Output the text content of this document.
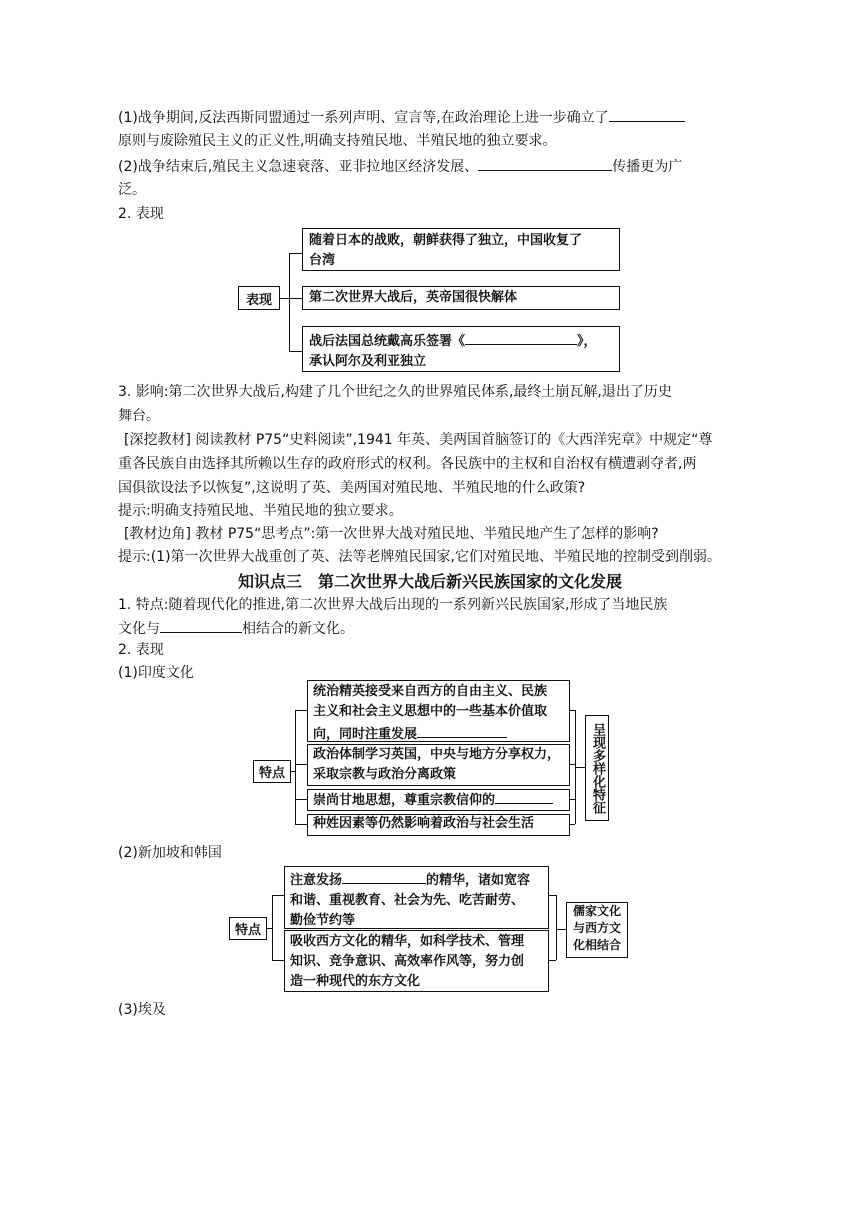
(1)战争期间,反法西斯同盟通过一系列声明、宣言等,在政治理论上进一步确立了
原则与废除殖民主义的正义性,明确支持殖民地、半殖民地的独立要求。
(2)战争结束后,殖民主义急速衰落、亚非拉地区经济发展、	传播更为广
泛。
2. 表现
表现
随着日本的战败，朝鲜获得了独立，中国收复了
台湾
第二次世界大战后，英帝国很快解体
战后法国总统戴高乐签署《	》，
承认阿尔及利亚独立
3. 影响:第二次世界大战后,构建了几个世纪之久的世界殖民体系,最终土崩瓦解,退出了历史
舞台。
[深挖教材] 阅读教材 P75“史料阅读”,1941 年英、美两国首脑签订的《大西洋宪章》中规定“尊
重各民族自由选择其所赖以生存的政府形式的权利。各民族中的主权和自治权有横遭剥夺者,两
国俱欲设法予以恢复”,这说明了英、美两国对殖民地、半殖民地的什么政策?
提示:明确支持殖民地、半殖民地的独立要求。
[教材边角] 教材 P75“思考点”:第一次世界大战对殖民地、半殖民地产生了怎样的影响?
提示:(1)第一次世界大战重创了英、法等老牌殖民国家,它们对殖民地、半殖民地的控制受到削弱。
知识点三　第二次世界大战后新兴民族国家的文化发展
1. 特点:随着现代化的推进,第二次世界大战后出现的一系列新兴民族国家,形成了当地民族
文化与	相结合的新文化。
2. 表现
(1)印度文化
特点
统治精英接受来自西方的自由主义、民族
主义和社会主义思想中的一些基本价值取
向，同时注重发展
政治体制学习英国，中央与地方分享权力，
采取宗教与政治分离政策
崇尚甘地思想，尊重宗教信仰的
种姓因素等仍然影响着政治与社会生活
呈现多样化特征
(2)新加坡和韩国
特点
注意发扬	的精华，诸如宽容
和谐、重视教育、社会为先、吃苦耐劳、
勤俭节约等
吸收西方文化的精华，如科学技术、管理
知识、竞争意识、高效率作风等，努力创
造一种现代的东方文化
儒家文化
与西方文
化相结合
(3)埃及
